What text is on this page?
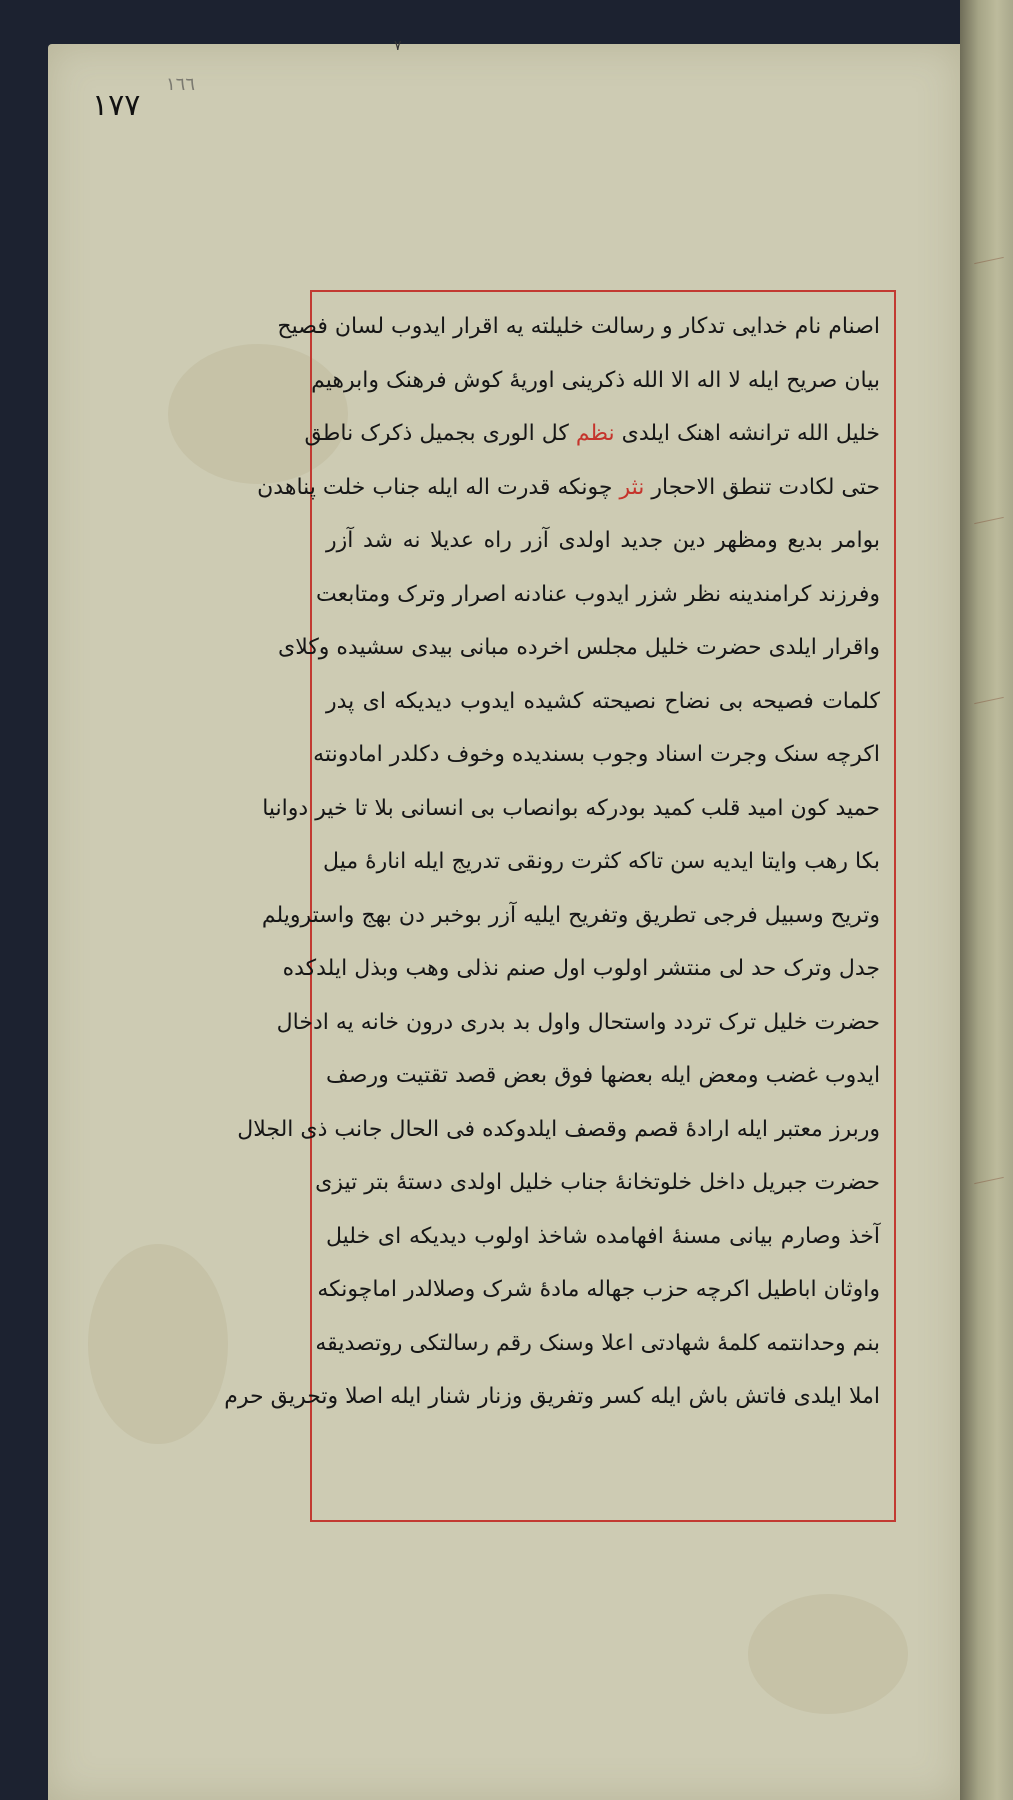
٧
١٧٧
١٦٦
اصنام نام خدایی تدکار و رسالت خلیلته یه اقرار ایدوب لسان فصیح
بیان صریح ایله لا اله الا الله ذکرینی اوریهٔ کوش فرهنک وابرهیم
خلیل الله ترانشه اهنک ایلدی نظم کل الوری بجمیل ذکرک ناطق
حتی لکادت تنطق الاحجار نثر چونکه قدرت اله ایله جناب خلت پناهدن
بوامر بدیع ومظهر دین جدید اولدی آزر راه عدیلا نه شد آزر
وفرزند کرامندینه نظر شزر ایدوب عنادنه اصرار وترک ومتابعت
واقرار ایلدی حضرت خلیل مجلس اخرده مبانی بیدی سشیده وکلای
کلمات فصیحه بی نضاح نصیحته کشیده ایدوب دیدیکه ای پدر
اکرچه سنک وجرت اسناد وجوب بسندیده وخوف دکلدر امادونته
حمید کون امید قلب کمید بودرکه بوانصاب بی انسانی بلا تا خیر دوانیا
بکا رهب وایتا ایدیه سن تاکه کثرت رونقی تدریج ایله انارهٔ میل
وتریح وسبیل فرجی تطریق وتفریح ایلیه آزر بوخبر دن بهج واسترویلم
جدل وترک حد لی منتشر اولوب اول صنم نذلی وهب وبذل ایلدکده
حضرت خلیل ترک تردد واستحال واول بد بدری درون خانه یه ادخال
ایدوب غضب ومعض ایله بعضها فوق بعض قصد تقتیت ورصف
وربرز معتبر ایله ارادهٔ قصم وقصف ایلدوکده فی الحال جانب ذی الجلال
حضرت جبریل داخل خلوتخانهٔ جناب خلیل اولدی دستهٔ بتر تیزی
آخذ وصارم بیانی مسنهٔ افهامده شاخذ اولوب دیدیکه ای خلیل
واوثان اباطیل اکرچه حزب جهاله مادهٔ شرک وصلالدر اماچونکه
بنم وحدانتمه کلمهٔ شهادتی اعلا وسنک رقم رسالتکی روتصدیقه
املا ایلدی فاتش باش ایله کسر وتفریق وزنار شنار ایله اصلا وتحریق حرم
